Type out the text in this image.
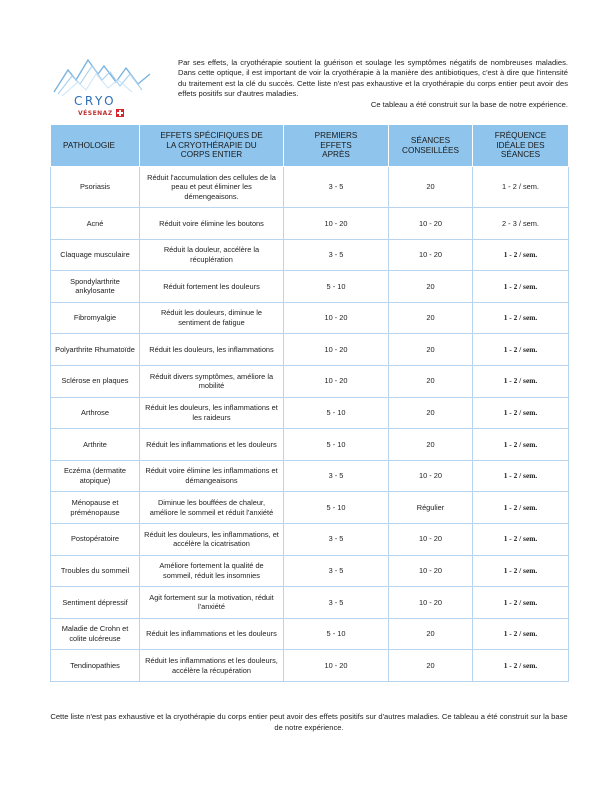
CRYO
VÉSENAZ
Par ses effets, la cryothérapie soutient la guérison et soulage les symptômes négatifs de nombreuses maladies. Dans cette optique, il est important de voir la cryothérapie à la manière des antibiotiques, c'est à dire que l'intensité du traitement est la clé du succès. Cette liste n'est pas exhaustive et la cryothérapie du corps entier peut avoir des effets positifs sur d'autres maladies.
Ce tableau a été construit sur la base de notre expérience.
PATHOLOGIE	EFFETS SPÉCIFIQUES DE LA CRYOTHÉRAPIE DU CORPS ENTIER	PREMIERS EFFETS APRÈS	SÉANCES CONSEILLÉES	FRÉQUENCE IDÉALE DES SÉANCES
Psoriasis	Réduit l'accumulation des cellules de la peau et peut éliminer les démengeaisons.	3 - 5	20	1 - 2 / sem.
Acné	Réduit voire élimine les boutons	10 - 20	10 - 20	2 - 3 / sem.
Claquage musculaire	Réduit la douleur, accélère la récuplération	3 - 5	10 - 20	1 - 2 / sem.
Spondylarthrite ankylosante	Réduit fortement les douleurs	5 - 10	20	1 - 2 / sem.
Fibromyalgie	Réduit les douleurs, diminue le sentiment de fatigue	10 - 20	20	1 - 2 / sem.
Polyarthrite Rhumatoïde	Réduit les douleurs, les inflammations	10 - 20	20	1 - 2 / sem.
Sclérose en plaques	Réduit divers symptômes, améliore la mobilité	10 - 20	20	1 - 2 / sem.
Arthrose	Réduit les douleurs, les inflammations et les raideurs	5 - 10	20	1 - 2 / sem.
Arthrite	Réduit les inflammations et les douleurs	5 - 10	20	1 - 2 / sem.
Eczéma (dermatite atopique)	Réduit voire élimine les inflammations et démangeaisons	3 - 5	10 - 20	1 - 2 / sem.
Ménopause et préménopause	Diminue les bouffées de chaleur, améliore le sommeil et réduit l'anxiété	5 - 10	Régulier	1 - 2 / sem.
Postopératoire	Réduit les douleurs, les inflammations, et accélère la cicatrisation	3 - 5	10 - 20	1 - 2 / sem.
Troubles du sommeil	Améliore fortement la qualité de sommeil, réduit les insomnies	3 - 5	10 - 20	1 - 2 / sem.
Sentiment dépressif	Agit fortement sur la motivation, réduit l'anxiété	3 - 5	10 - 20	1 - 2 / sem.
Maladie de Crohn et colite ulcéreuse	Réduit les inflammations et les douleurs	5 - 10	20	1 - 2 / sem.
Tendinopathies	Réduit les inflammations et les douleurs, accélère la récupération	10 - 20	20	1 - 2 / sem.
Cette liste n'est pas exhaustive et la cryothérapie du corps entier peut avoir des effets positifs sur d'autres maladies. Ce tableau a été construit sur la base de notre expérience.
